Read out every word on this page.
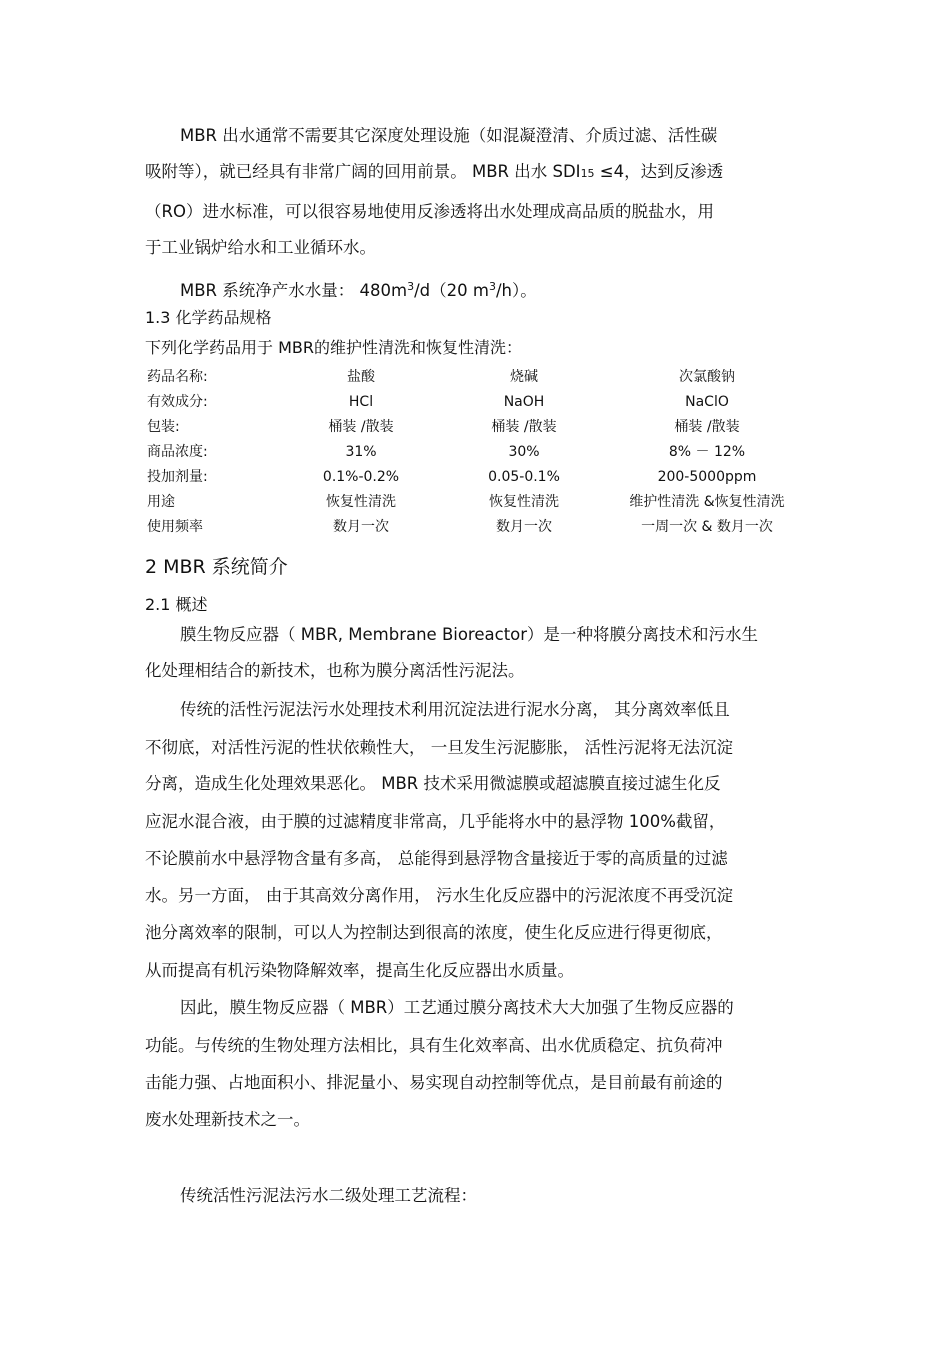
MBR 出水通常不需要其它深度处理设施（如混凝澄清、介质过滤、活性碳
吸附等），就已经具有非常广阔的回用前景。 MBR 出水 SDI15 ≤4，达到反渗透
（RO）进水标准，可以很容易地使用反渗透将出水处理成高品质的脱盐水，用
于工业锅炉给水和工业循环水。
MBR 系统净产水水量： $480m^3/d(20$ $m^3/h$）。
1.3 化学药品规格
下列化学药品用于 MBR的维护性清洗和恢复性清洗：
药品名称:	盐酸	烧碱	次氯酸钠
有效成分:	HCl	NaOH	NaClO
包装:	桶装 /散装	桶装 /散装	桶装 /散装
商品浓度:	31%	30%	8% － 12%
投加剂量:	0.1%-0.2%	0.05-0.1%	200-5000ppm
用途	恢复性清洗	恢复性清洗	维护性清洗 &恢复性清洗
使用频率	数月一次	数月一次	一周一次 & 数月一次
2 MBR 系统简介
2.1 概述
膜生物反应器（ MBR, Membrane Bioreactor）是一种将膜分离技术和污水生
化处理相结合的新技术，也称为膜分离活性污泥法。
传统的活性污泥法污水处理技术利用沉淀法进行泥水分离， 其分离效率低且
不彻底，对活性污泥的性状依赖性大， 一旦发生污泥膨胀， 活性污泥将无法沉淀
分离，造成生化处理效果恶化。 MBR 技术采用微滤膜或超滤膜直接过滤生化反
应泥水混合液，由于膜的过滤精度非常高，几乎能将水中的悬浮物 100%截留，
不论膜前水中悬浮物含量有多高， 总能得到悬浮物含量接近于零的高质量的过滤
水。另一方面， 由于其高效分离作用， 污水生化反应器中的污泥浓度不再受沉淀
池分离效率的限制，可以人为控制达到很高的浓度，使生化反应进行得更彻底，
从而提高有机污染物降解效率，提高生化反应器出水质量。
因此，膜生物反应器（ MBR）工艺通过膜分离技术大大加强了生物反应器的
功能。与传统的生物处理方法相比，具有生化效率高、出水优质稳定、抗负荷冲
击能力强、占地面积小、排泥量小、易实现自动控制等优点，是目前最有前途的
废水处理新技术之一。
传统活性污泥法污水二级处理工艺流程：
